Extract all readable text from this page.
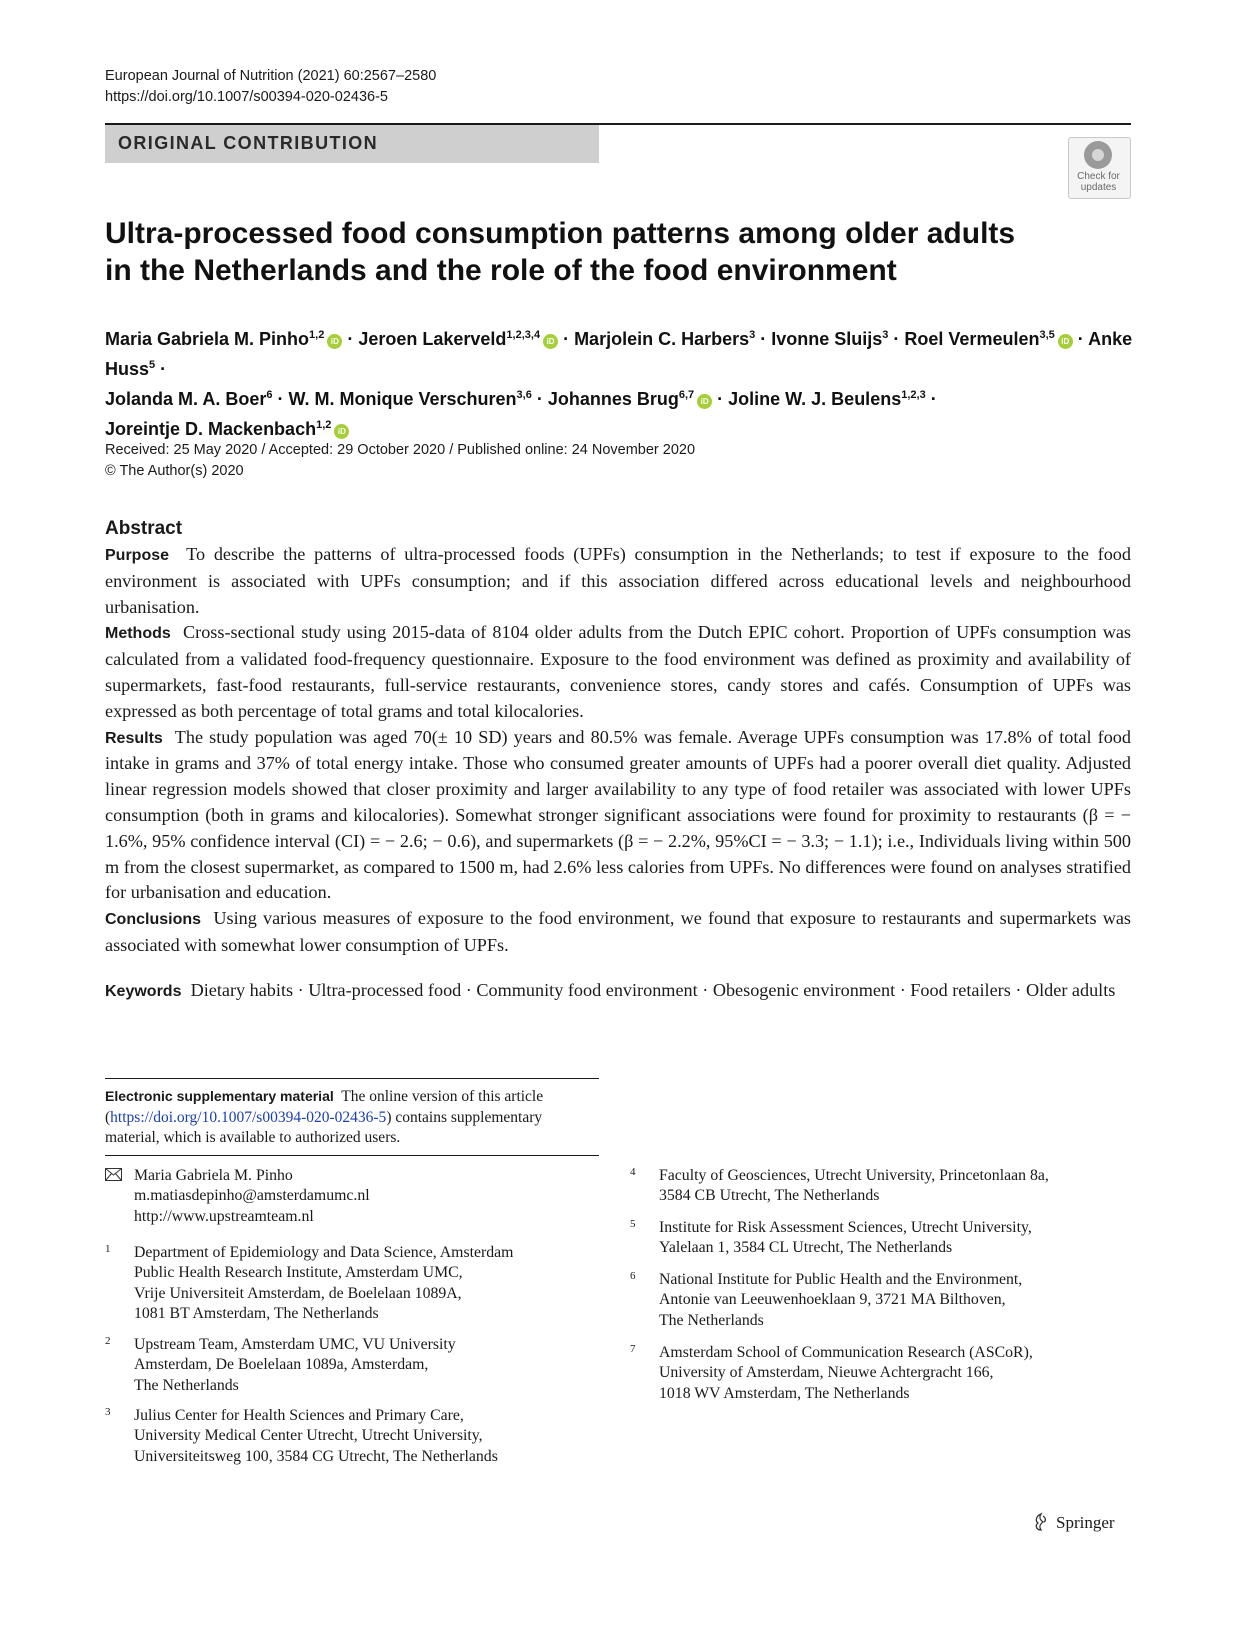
European Journal of Nutrition (2021) 60:2567–2580
https://doi.org/10.1007/s00394-020-02436-5
ORIGINAL CONTRIBUTION
Check for
updates
Ultra-processed food consumption patterns among older adults
in the Netherlands and the role of the food environment
Maria Gabriela M. Pinho$^{1,2}$iD · Jeroen Lakerveld$^{1,2,3,4}$iD · Marjolein C. Harbers$^3$ · Ivonne Sluijs$^3$ · Roel Vermeulen$^{3,5}$iD · Anke Huss$^5$ ·
Jolanda M. A. Boer$^6$ · W. M. Monique Verschuren$^{3,6}$ · Johannes Brug$^{6,7}$iD · Joline W. J. Beulens$^{1,2,3}$ ·
Joreintje D. Mackenbach$^{1,2}$iD
Received: 25 May 2020 / Accepted: 29 October 2020 / Published online: 24 November 2020
© The Author(s) 2020
Abstract

Purpose To describe the patterns of ultra-processed foods (UPFs) consumption in the Netherlands; to test if exposure to the food environment is associated with UPFs consumption; and if this association differed across educational levels and neighbourhood urbanisation.

Methods Cross-sectional study using 2015-data of 8104 older adults from the Dutch EPIC cohort. Proportion of UPFs consumption was calculated from a validated food-frequency questionnaire. Exposure to the food environment was defined as proximity and availability of supermarkets, fast-food restaurants, full-service restaurants, convenience stores, candy stores and cafés. Consumption of UPFs was expressed as both percentage of total grams and total kilocalories.

Results The study population was aged 70(± 10 SD) years and 80.5% was female. Average UPFs consumption was 17.8% of total food intake in grams and 37% of total energy intake. Those who consumed greater amounts of UPFs had a poorer overall diet quality. Adjusted linear regression models showed that closer proximity and larger availability to any type of food retailer was associated with lower UPFs consumption (both in grams and kilocalories). Somewhat stronger significant associations were found for proximity to restaurants (β = − 1.6%, 95% confidence interval (CI) = − 2.6; − 0.6), and supermarkets (β = − 2.2%, 95%CI = − 3.3; − 1.1); i.e., Individuals living within 500 m from the closest supermarket, as compared to 1500 m, had 2.6% less calories from UPFs. No differences were found on analyses stratified for urbanisation and education.

Conclusions Using various measures of exposure to the food environment, we found that exposure to restaurants and supermarkets was associated with somewhat lower consumption of UPFs.

Keywords Dietary habits · Ultra-processed food · Community food environment · Obesogenic environment · Food retailers · Older adults
Electronic supplementary material The online version of this article (https://doi.org/10.1007/s00394-020-02436-5) contains supplementary material, which is available to authorized users.
Maria Gabriela M. Pinho
m.matiasdepinho@amsterdamumc.nl
http://www.upstreamteam.nl
1 Department of Epidemiology and Data Science, Amsterdam
Public Health Research Institute, Amsterdam UMC,
Vrije Universiteit Amsterdam, de Boelelaan 1089A,
1081 BT Amsterdam, The Netherlands
2 Upstream Team, Amsterdam UMC, VU University
Amsterdam, De Boelelaan 1089a, Amsterdam,
The Netherlands
3 Julius Center for Health Sciences and Primary Care,
University Medical Center Utrecht, Utrecht University,
Universiteitsweg 100, 3584 CG Utrecht, The Netherlands
4 Faculty of Geosciences, Utrecht University, Princetonlaan 8a,
3584 CB Utrecht, The Netherlands
5 Institute for Risk Assessment Sciences, Utrecht University,
Yalelaan 1, 3584 CL Utrecht, The Netherlands
6 National Institute for Public Health and the Environment,
Antonie van Leeuwenhoeklaan 9, 3721 MA Bilthoven,
The Netherlands
7 Amsterdam School of Communication Research (ASCoR),
University of Amsterdam, Nieuwe Achtergracht 166,
1018 WV Amsterdam, The Netherlands
Springer
